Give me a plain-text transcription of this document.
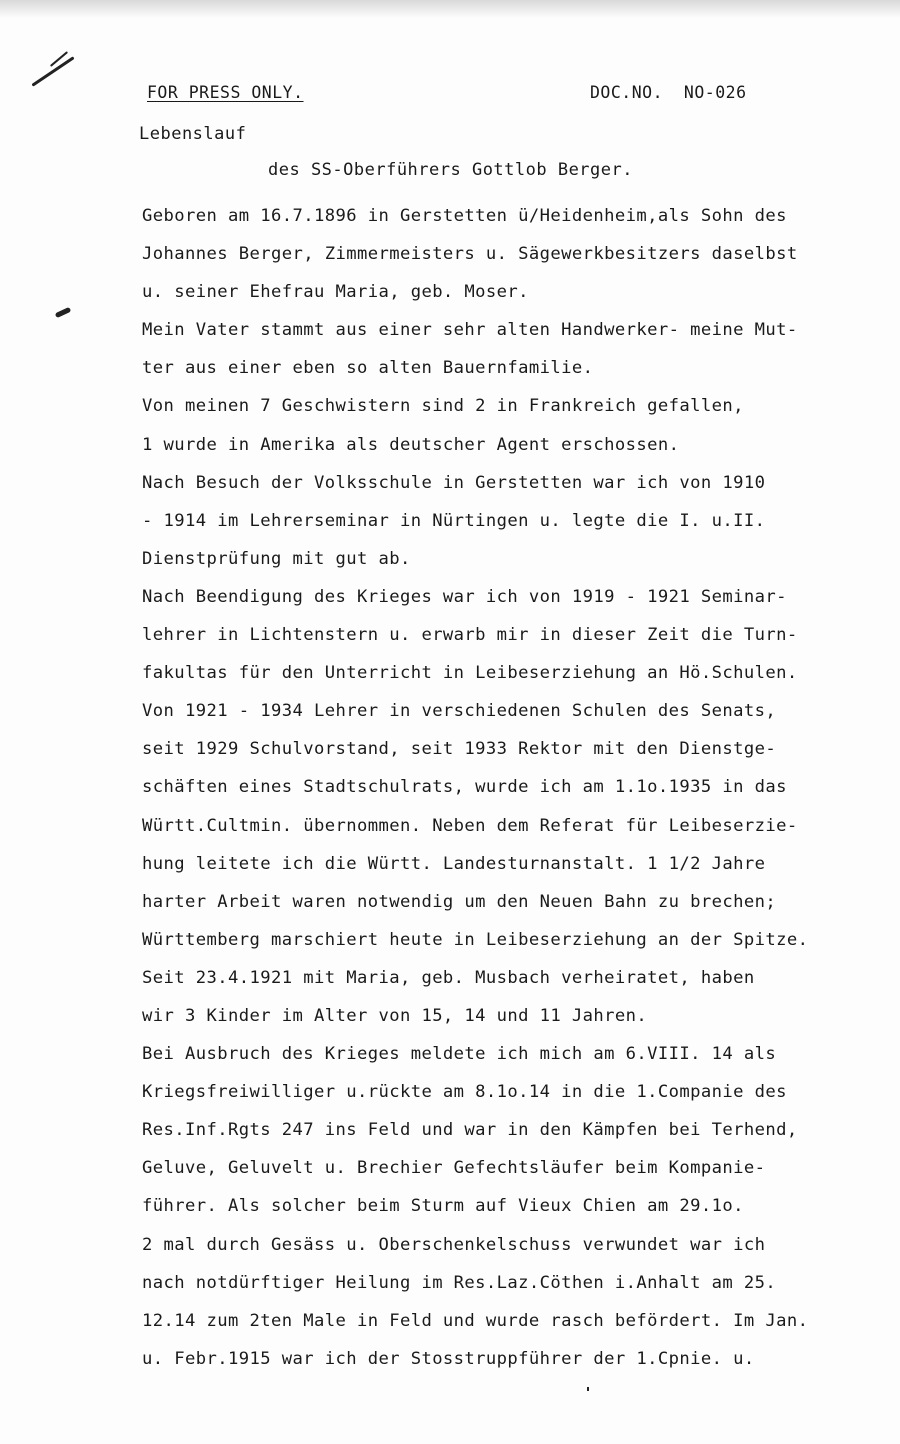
FOR PRESS ONLY.	DOC.NO.  NO-026
Lebenslauf
des SS-Oberführers Gottlob Berger.
Geboren am 16.7.1896 in Gerstetten ü/Heidenheim,als Sohn des
Johannes Berger, Zimmermeisters u. Sägewerkbesitzers daselbst
u. seiner Ehefrau Maria, geb. Moser.
Mein Vater stammt aus einer sehr alten Handwerker- meine Mut-
ter aus einer eben so alten Bauernfamilie.
Von meinen 7 Geschwistern sind 2 in Frankreich gefallen,
1 wurde in Amerika als deutscher Agent erschossen.
Nach Besuch der Volksschule in Gerstetten war ich von 1910
- 1914 im Lehrerseminar in Nürtingen u. legte die I. u.II.
Dienstprüfung mit gut ab.
Nach Beendigung des Krieges war ich von 1919 - 1921 Seminar-
lehrer in Lichtenstern u. erwarb mir in dieser Zeit die Turn-
fakultas für den Unterricht in Leibeserziehung an Hö.Schulen.
Von 1921 - 1934 Lehrer in verschiedenen Schulen des Senats,
seit 1929 Schulvorstand, seit 1933 Rektor mit den Dienstge-
schäften eines Stadtschulrats, wurde ich am 1.1o.1935 in das
Württ.Cultmin. übernommen. Neben dem Referat für Leibeserzie-
hung leitete ich die Württ. Landesturnanstalt. 1 1/2 Jahre
harter Arbeit waren notwendig um den Neuen Bahn zu brechen;
Württemberg marschiert heute in Leibeserziehung an der Spitze.
Seit 23.4.1921 mit Maria, geb. Musbach verheiratet, haben
wir 3 Kinder im Alter von 15, 14 und 11 Jahren.
Bei Ausbruch des Krieges meldete ich mich am 6.VIII. 14 als
Kriegsfreiwilliger u.rückte am 8.1o.14 in die 1.Companie des
Res.Inf.Rgts 247 ins Feld und war in den Kämpfen bei Terhend,
Geluve, Geluvelt u. Brechier Gefechtsläufer beim Kompanie-
führer. Als solcher beim Sturm auf Vieux Chien am 29.1o.
2 mal durch Gesäss u. Oberschenkelschuss verwundet war ich
nach notdürftiger Heilung im Res.Laz.Cöthen i.Anhalt am 25.
12.14 zum 2ten Male in Feld und wurde rasch befördert. Im Jan.
u. Febr.1915 war ich der Stosstruppführer der 1.Cpnie. u.
